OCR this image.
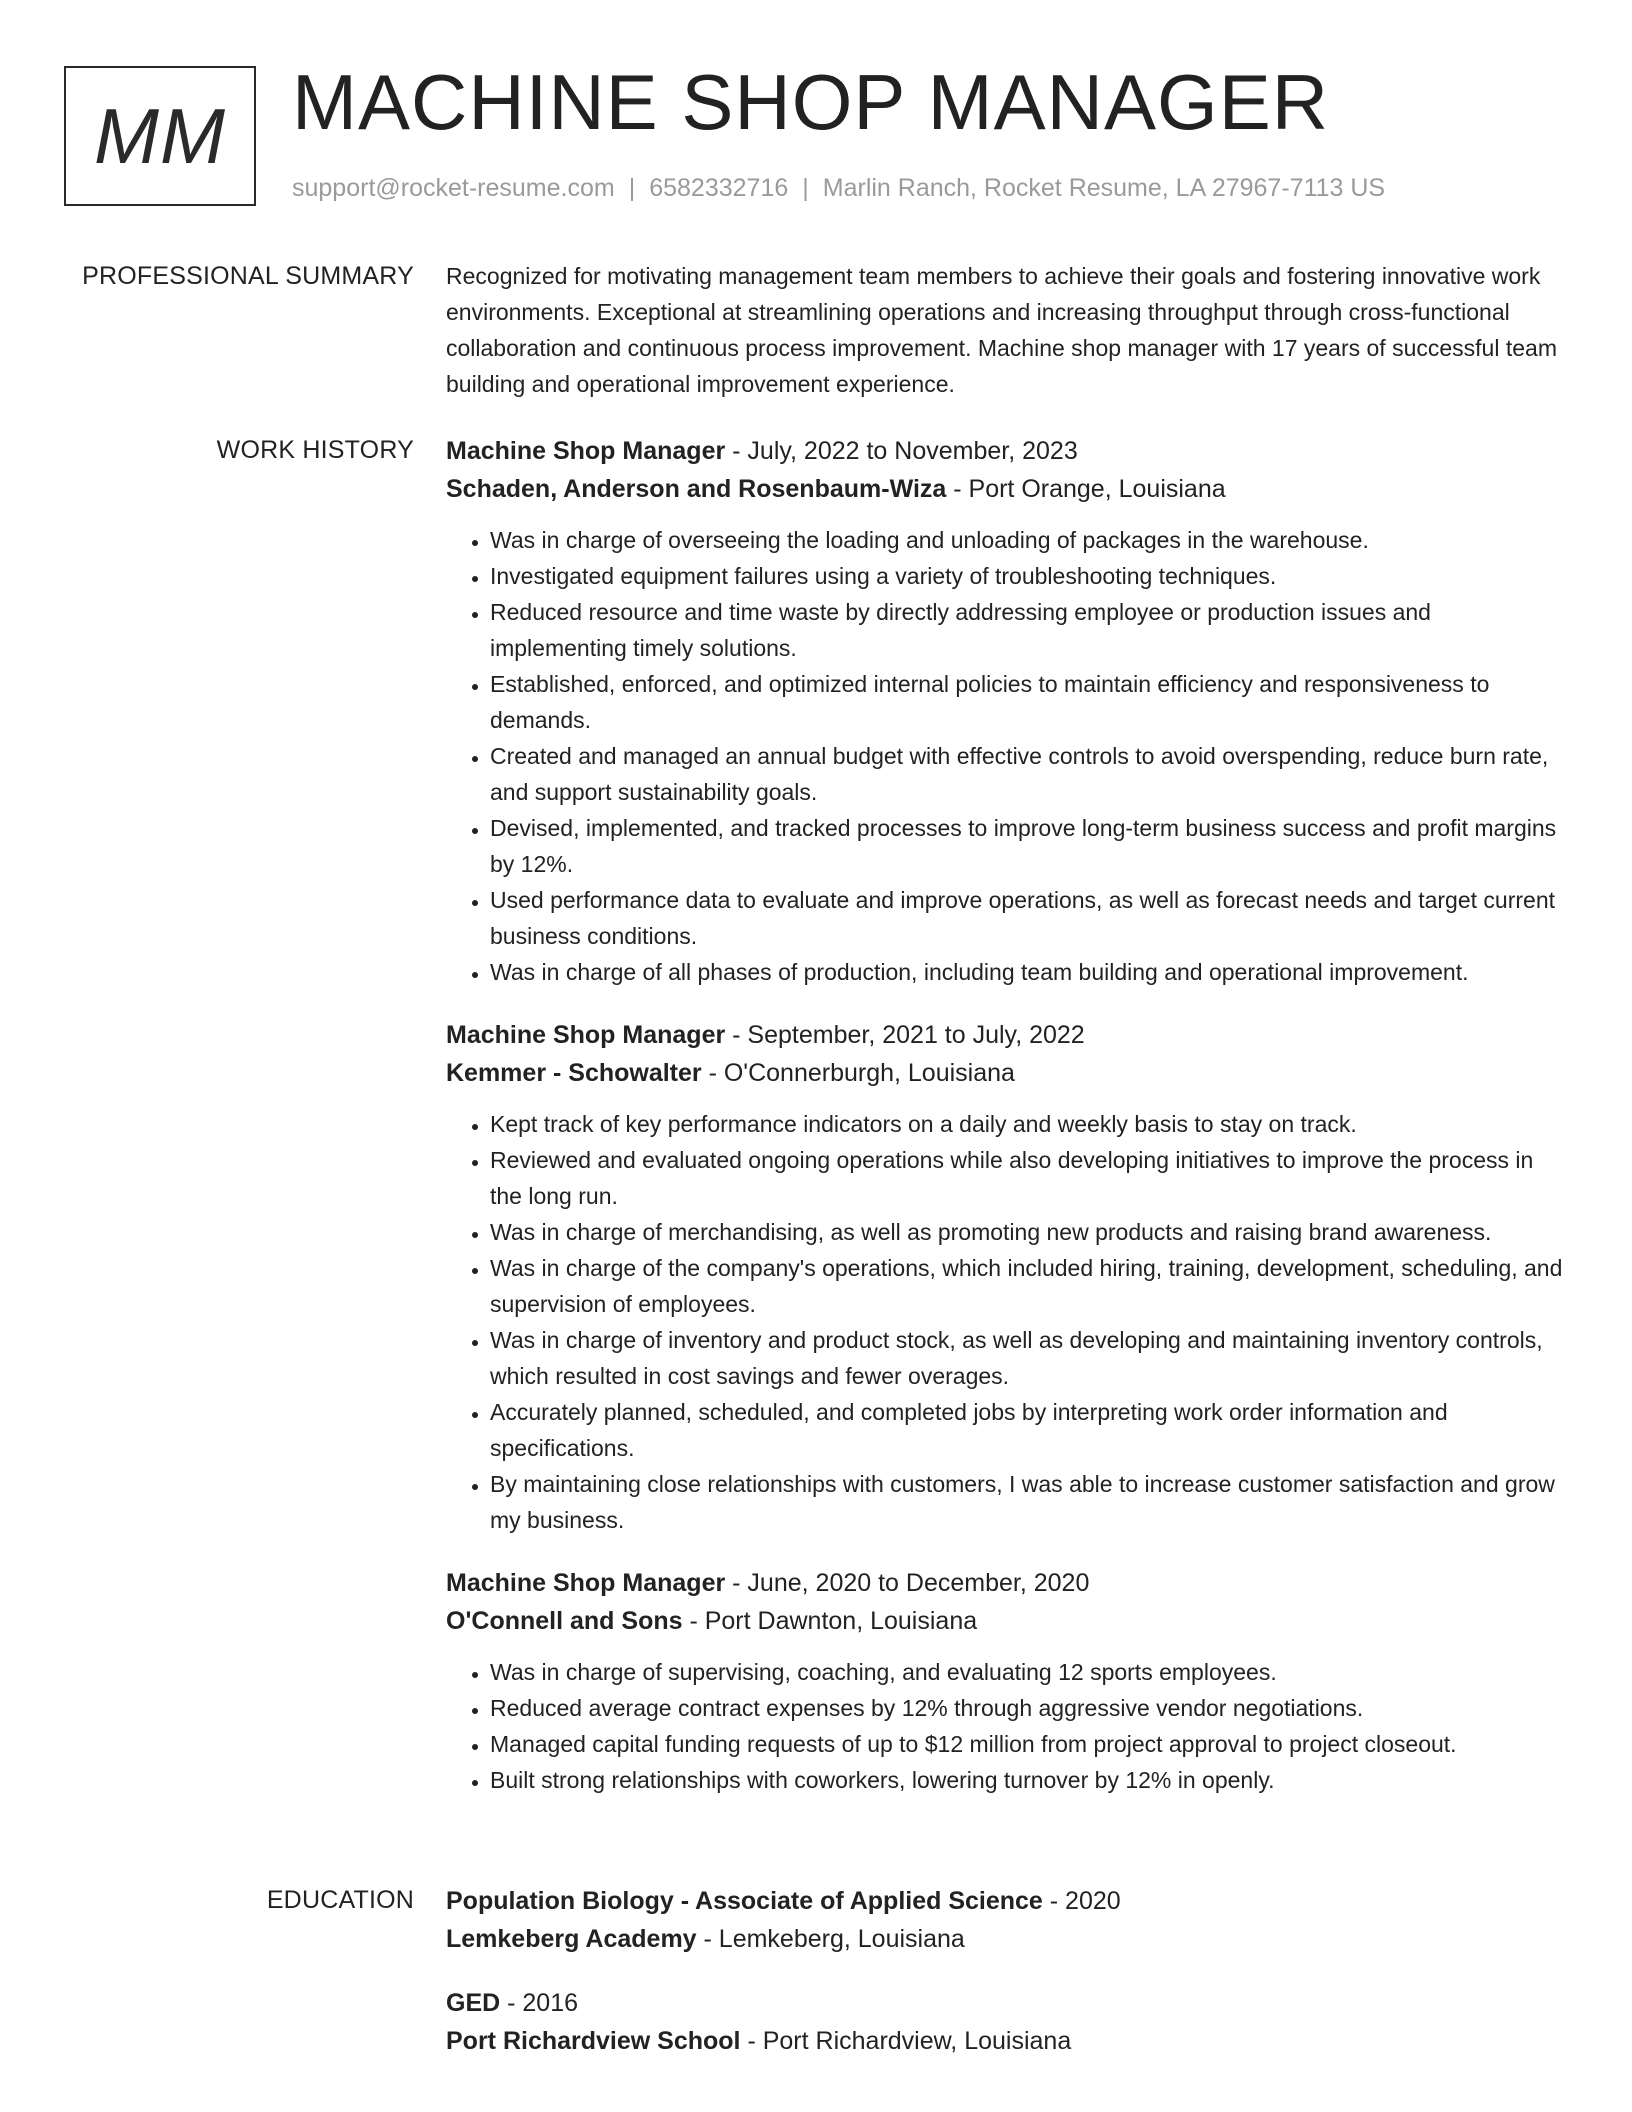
MM MACHINE SHOP MANAGER
support@rocket-resume.com | 6582332716 | Marlin Ranch, Rocket Resume, LA 27967-7113 US
PROFESSIONAL SUMMARY Recognized for motivating management team members to achieve their goals and fostering innovative work environments. Exceptional at streamlining operations and increasing throughput through cross-functional collaboration and continuous process improvement. Machine shop manager with 17 years of successful team building and operational improvement experience.

WORK HISTORY Machine Shop Manager - July, 2022 to November, 2023

Schaden, Anderson and Rosenbaum-Wiza - Port Orange, Louisiana

• Was in charge of overseeing the loading and unloading of packages in the warehouse.
• Investigated equipment failures using a variety of troubleshooting techniques.
• Reduced resource and time waste by directly addressing employee or production issues and implementing timely solutions.
• Established, enforced, and optimized internal policies to maintain efficiency and responsiveness to demands.
• Created and managed an annual budget with effective controls to avoid overspending, reduce burn rate, and support sustainability goals.
• Devised, implemented, and tracked processes to improve long-term business success and profit margins by 12%.
• Used performance data to evaluate and improve operations, as well as forecast needs and target current business conditions.
• Was in charge of all phases of production, including team building and operational improvement.

Machine Shop Manager - September, 2021 to July, 2022

Kemmer - Schowalter - O'Connerburgh, Louisiana

• Kept track of key performance indicators on a daily and weekly basis to stay on track.
• Reviewed and evaluated ongoing operations while also developing initiatives to improve the process in the long run.
• Was in charge of merchandising, as well as promoting new products and raising brand awareness.
• Was in charge of the company's operations, which included hiring, training, development, scheduling, and supervision of employees.
• Was in charge of inventory and product stock, as well as developing and maintaining inventory controls, which resulted in cost savings and fewer overages.
• Accurately planned, scheduled, and completed jobs by interpreting work order information and specifications.
• By maintaining close relationships with customers, I was able to increase customer satisfaction and grow my business.

Machine Shop Manager - June, 2020 to December, 2020

O'Connell and Sons - Port Dawnton, Louisiana

• Was in charge of supervising, coaching, and evaluating 12 sports employees.
• Reduced average contract expenses by 12% through aggressive vendor negotiations.
• Managed capital funding requests of up to $12 million from project approval to project closeout.
• Built strong relationships with coworkers, lowering turnover by 12% in openly.
EDUCATION Population Biology - Associate of Applied Science - 2020

Lemkeberg Academy - Lemkeberg, Louisiana

GED - 2016

Port Richardview School - Port Richardview, Louisiana
